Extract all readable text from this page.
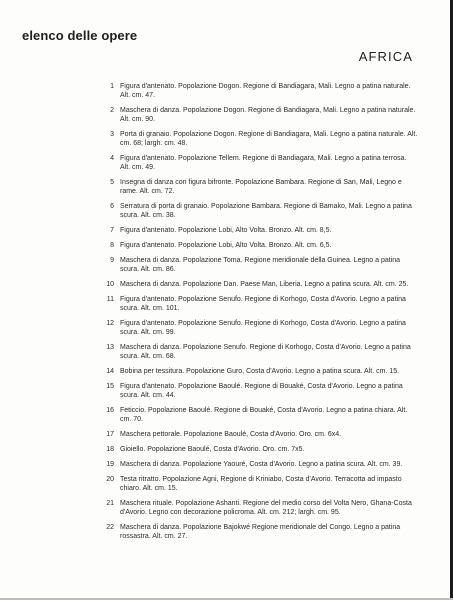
elenco delle opere
AFRICA
1 Figura d'antenato. Popolazione Dogon. Regione di Bandiagara, Mali. Legno a patina naturale. Alt. cm. 47.
2 Maschera di danza. Popolazione Dogon. Regione di Bandiagara, Mali. Legno a patina naturale. Alt. cm. 90.
3 Porta di granaio. Popolazione Dogon. Regione di Bandiagara, Mali. Legno a patina naturale. Alt. cm. 68; largh. cm. 48.
4 Figura d'antenato. Popolazione Tellem. Regione di Bandiagara, Mali. Legno a patina terrosa. Alt. cm. 49.
5 Insegna di danza con figura bifronte. Popolazione Bambara. Regione di San, Mali, Legno e rame. Alt. cm. 72.
6 Serratura di porta di granaio. Popolazione Bambara. Regione di Bamako, Mali. Legno a patina scura. Alt. cm. 38.
7 Figura d'antenato. Popolazione Lobi, Alto Volta. Bronzo. Alt. cm. 8,5.
8 Figura d'antenato. Popolazione Lobi, Alto Volta. Bronzo. Alt. cm. 6,5.
9 Maschera di danza. Popolazione Toma. Regione meridionale della Guinea. Legno a patina scura. Alt. cm. 86.
10 Maschera di danza. Popolazione Dan. Paese Man, Liberia. Legno a patina scura. Alt. cm. 25.
11 Figura d'antenato. Popolazione Senufo. Regione di Korhogo, Costa d'Avorio. Legno a patina scura. Alt. cm. 101.
12 Figura d'antenato. Popolazione Senufo. Regione di Korhogo, Costa d'Avorio. Legno a patina scura. Alt. cm. 99.
13 Maschera di danza. Popolazione Senufo. Regione di Korhogo, Costa d'Avorio. Legno a patina scura. Alt. cm. 68.
14 Bobina per tessitura. Popolazione Guro, Costa d'Avorio. Legno a patina scura. Alt. cm. 15.
15 Figura d'antenato. Popolazione Baoulé. Regione di Bouaké, Costa d'Avorio. Legno a patina scura. Alt. cm. 44.
16 Feticcio. Popolazione Baoulé. Regione di Bouaké, Costa d'Avorio. Legno a patina chiara. Alt. cm. 70.
17 Maschera pettorale. Popolazione Baoulé, Costa d'Avorio. Oro. cm. 6x4.
18 Gioiello. Popolazione Baoulé, Costa d'Avorio. Oro. cm. 7x5.
19 Maschera di danza. Popolazione Yaouré, Costa d'Avorio. Legno a patina scura. Alt. cm. 39.
20 Testa ritratto. Popolazione Agni, Regione di Kriniabo, Costa d'Avorio. Terracotta ad impasto chiaro. Alt. cm. 15.
21 Maschera rituale. Popolazione Ashanti. Regione del medio corso del Volta Nero, Ghana-Costa d'Avorio. Legno con decorazione policroma. Alt. cm. 212; largh. cm. 95.
22 Maschera di danza. Popolazione Bajokwé Regione meridionale del Congo. Legno a patina rossastra. Alt. cm. 27.
